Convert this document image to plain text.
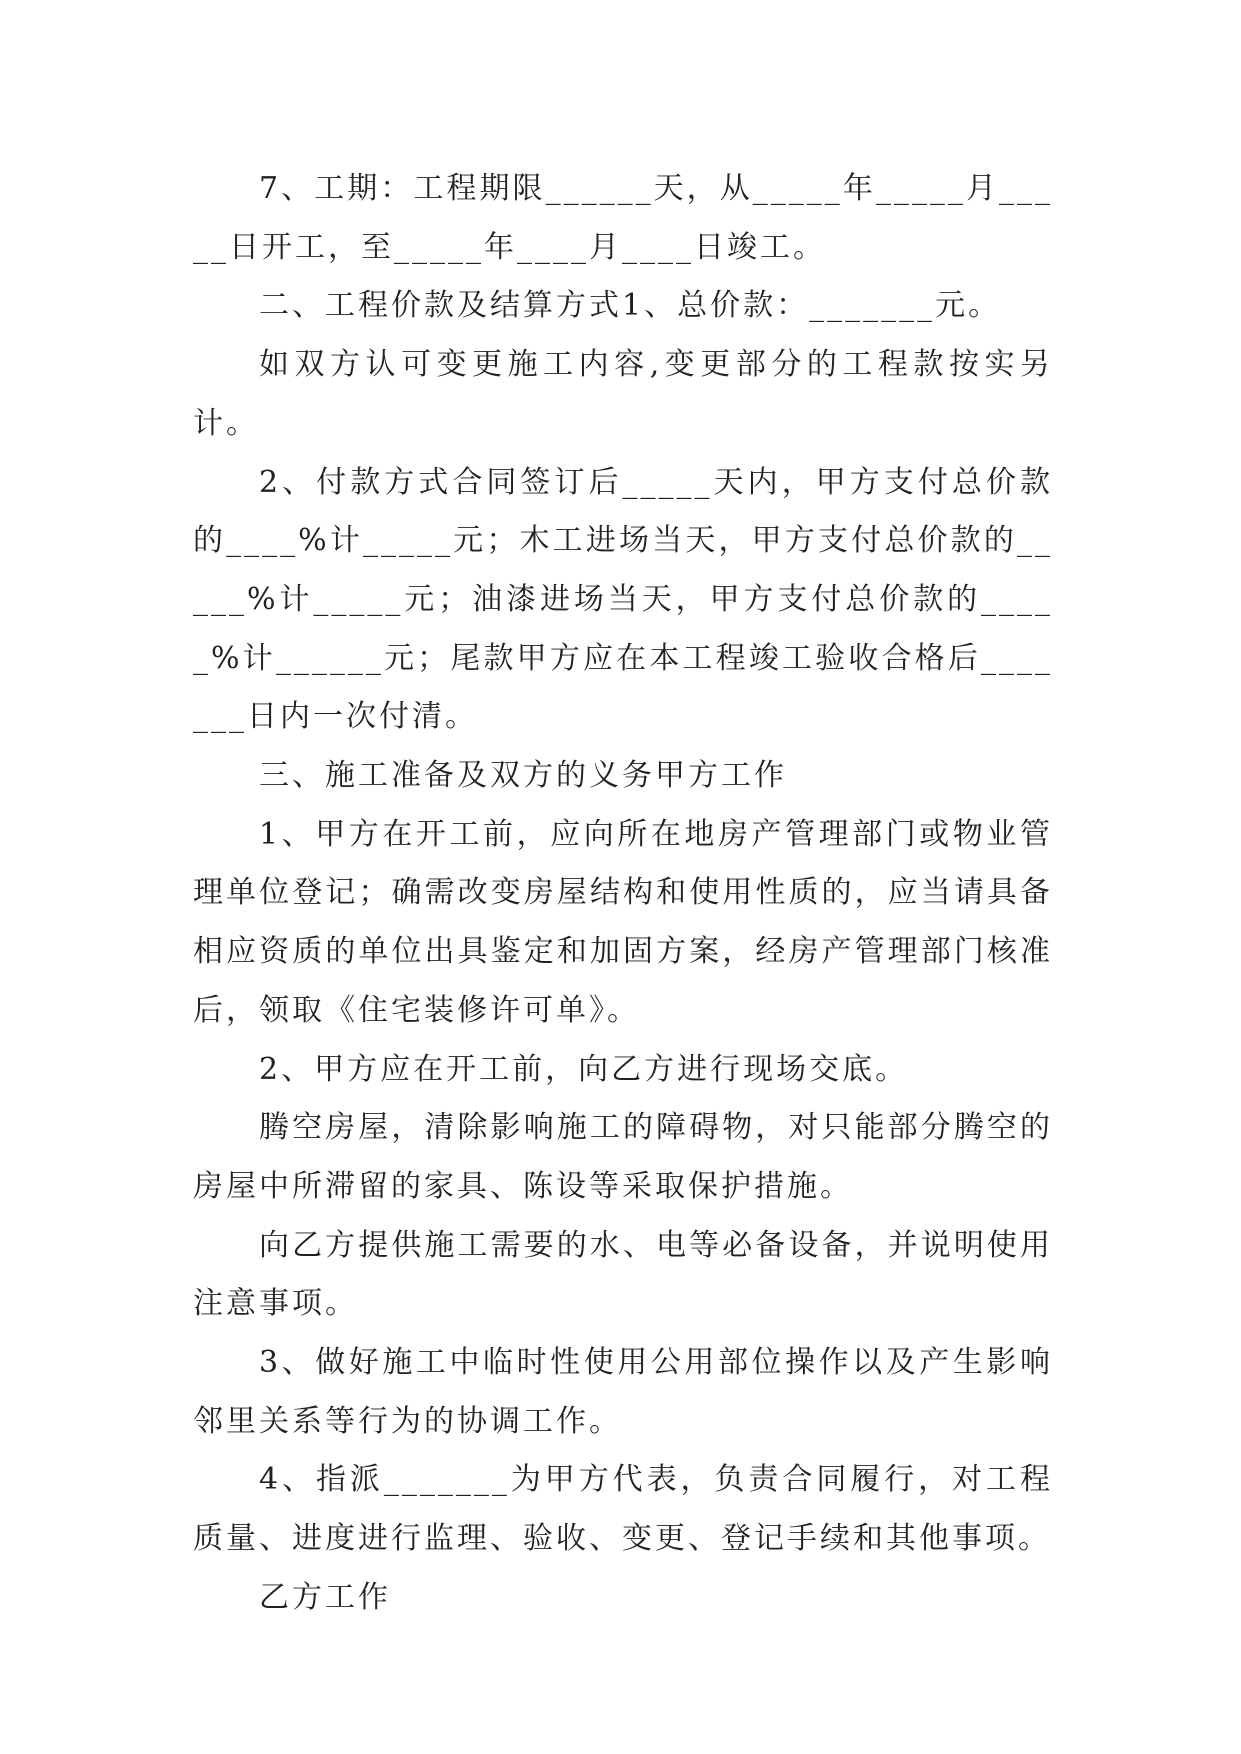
7、工期：工程期限______天，从_____年_____月_____日开工，至_____年____月____日竣工。

二、工程价款及结算方式1、总价款：_______元。

如双方认可变更施工内容,变更部分的工程款按实另计。

2、付款方式合同签订后_____天内，甲方支付总价款的____%计_____元；木工进场当天，甲方支付总价款的_____%计_____元；油漆进场当天，甲方支付总价款的_____%计______元；尾款甲方应在本工程竣工验收合格后_______日内一次付清。

三、施工准备及双方的义务甲方工作

1、甲方在开工前，应向所在地房产管理部门或物业管理单位登记；确需改变房屋结构和使用性质的，应当请具备相应资质的单位出具鉴定和加固方案，经房产管理部门核准后，领取《住宅装修许可单》。

2、甲方应在开工前，向乙方进行现场交底。

腾空房屋，清除影响施工的障碍物，对只能部分腾空的房屋中所滞留的家具、陈设等采取保护措施。

向乙方提供施工需要的水、电等必备设备，并说明使用注意事项。

3、做好施工中临时性使用公用部位操作以及产生影响邻里关系等行为的协调工作。

4、指派_______为甲方代表，负责合同履行，对工程质量、进度进行监理、验收、变更、登记手续和其他事项。

乙方工作
